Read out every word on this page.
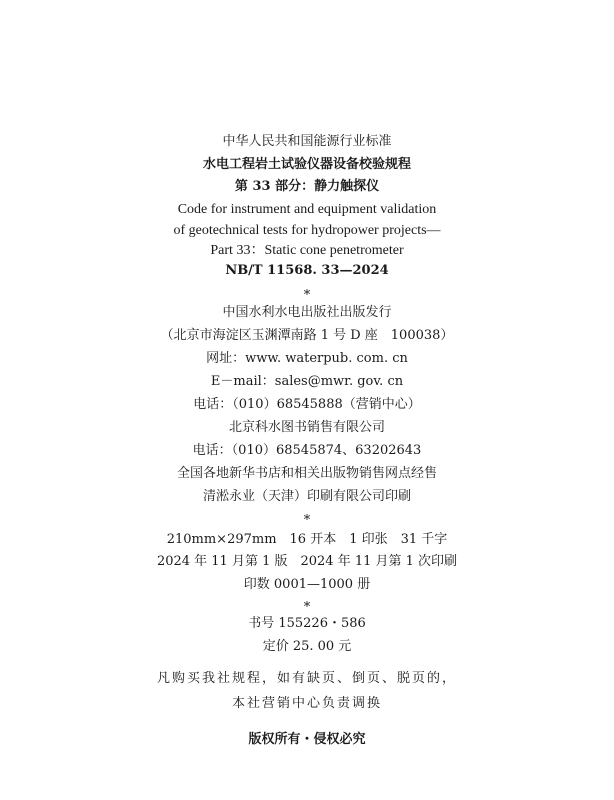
中华人民共和国能源行业标准
水电工程岩土试验仪器设备校验规程
第 33 部分：静力触探仪
Code for instrument and equipment validation
of geotechnical tests for hydropower projects—
Part 33：Static cone penetrometer
NB/T 11568. 33—2024
*
中国水利水电出版社出版发行
（北京市海淀区玉渊潭南路 1 号 D 座　100038）
网址：www. waterpub. com. cn
E－mail：sales@mwr. gov. cn
电话：（010）68545888（营销中心）
北京科水图书销售有限公司
电话：（010）68545874、63202643
全国各地新华书店和相关出版物销售网点经售
清淞永业（天津）印刷有限公司印刷
*
210mm×297mm　16 开本　1 印张　31 千字
2024 年 11 月第 1 版　2024 年 11 月第 1 次印刷
印数 0001—1000 册
*
书号 155226・586
定价 25. 00 元
凡购买我社规程，如有缺页、倒页、脱页的，
本社营销中心负责调换
版权所有・侵权必究
